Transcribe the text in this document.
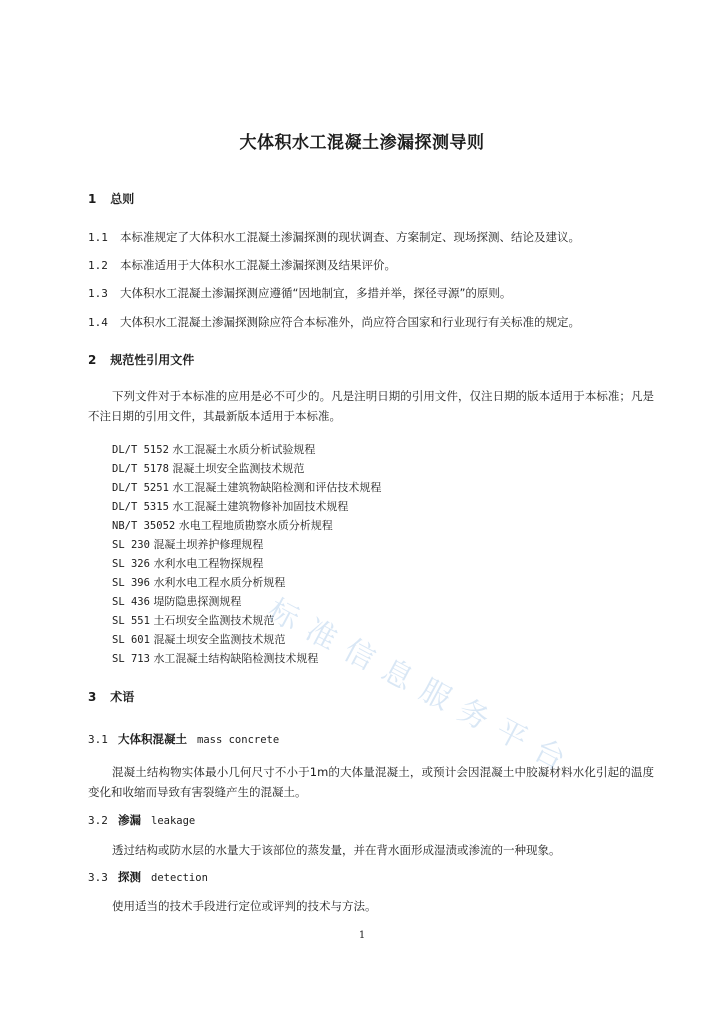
大体积水工混凝土渗漏探测导则
1 总则
1.1 本标准规定了大体积水工混凝土渗漏探测的现状调查、方案制定、现场探测、结论及建议。
1.2 本标准适用于大体积水工混凝土渗漏探测及结果评价。
1.3 大体积水工混凝土渗漏探测应遵循“因地制宜，多措并举，探径寻源”的原则。
1.4 大体积水工混凝土渗漏探测除应符合本标准外，尚应符合国家和行业现行有关标准的规定。
2 规范性引用文件
下列文件对于本标准的应用是必不可少的。凡是注明日期的引用文件，仅注日期的版本适用于本标准；凡是不注日期的引用文件，其最新版本适用于本标准。
DL/T 5152 水工混凝土水质分析试验规程
DL/T 5178 混凝土坝安全监测技术规范
DL/T 5251 水工混凝土建筑物缺陷检测和评估技术规程
DL/T 5315 水工混凝土建筑物修补加固技术规程
NB/T 35052 水电工程地质勘察水质分析规程
SL 230 混凝土坝养护修理规程
SL 326 水利水电工程物探规程
SL 396 水利水电工程水质分析规程
SL 436 堤防隐患探测规程
SL 551 土石坝安全监测技术规范
SL 601 混凝土坝安全监测技术规范
SL 713 水工混凝土结构缺陷检测技术规程
3 术语
3.1 大体积混凝土 mass concrete
混凝土结构物实体最小几何尺寸不小于1m的大体量混凝土，或预计会因混凝土中胶凝材料水化引起的温度变化和收缩而导致有害裂缝产生的混凝土。
3.2 渗漏 leakage
透过结构或防水层的水量大于该部位的蒸发量，并在背水面形成湿渍或渗流的一种现象。
3.3 探测 detection
使用适当的技术手段进行定位或评判的技术与方法。
1
标
准
信
息
服
务
平
台
